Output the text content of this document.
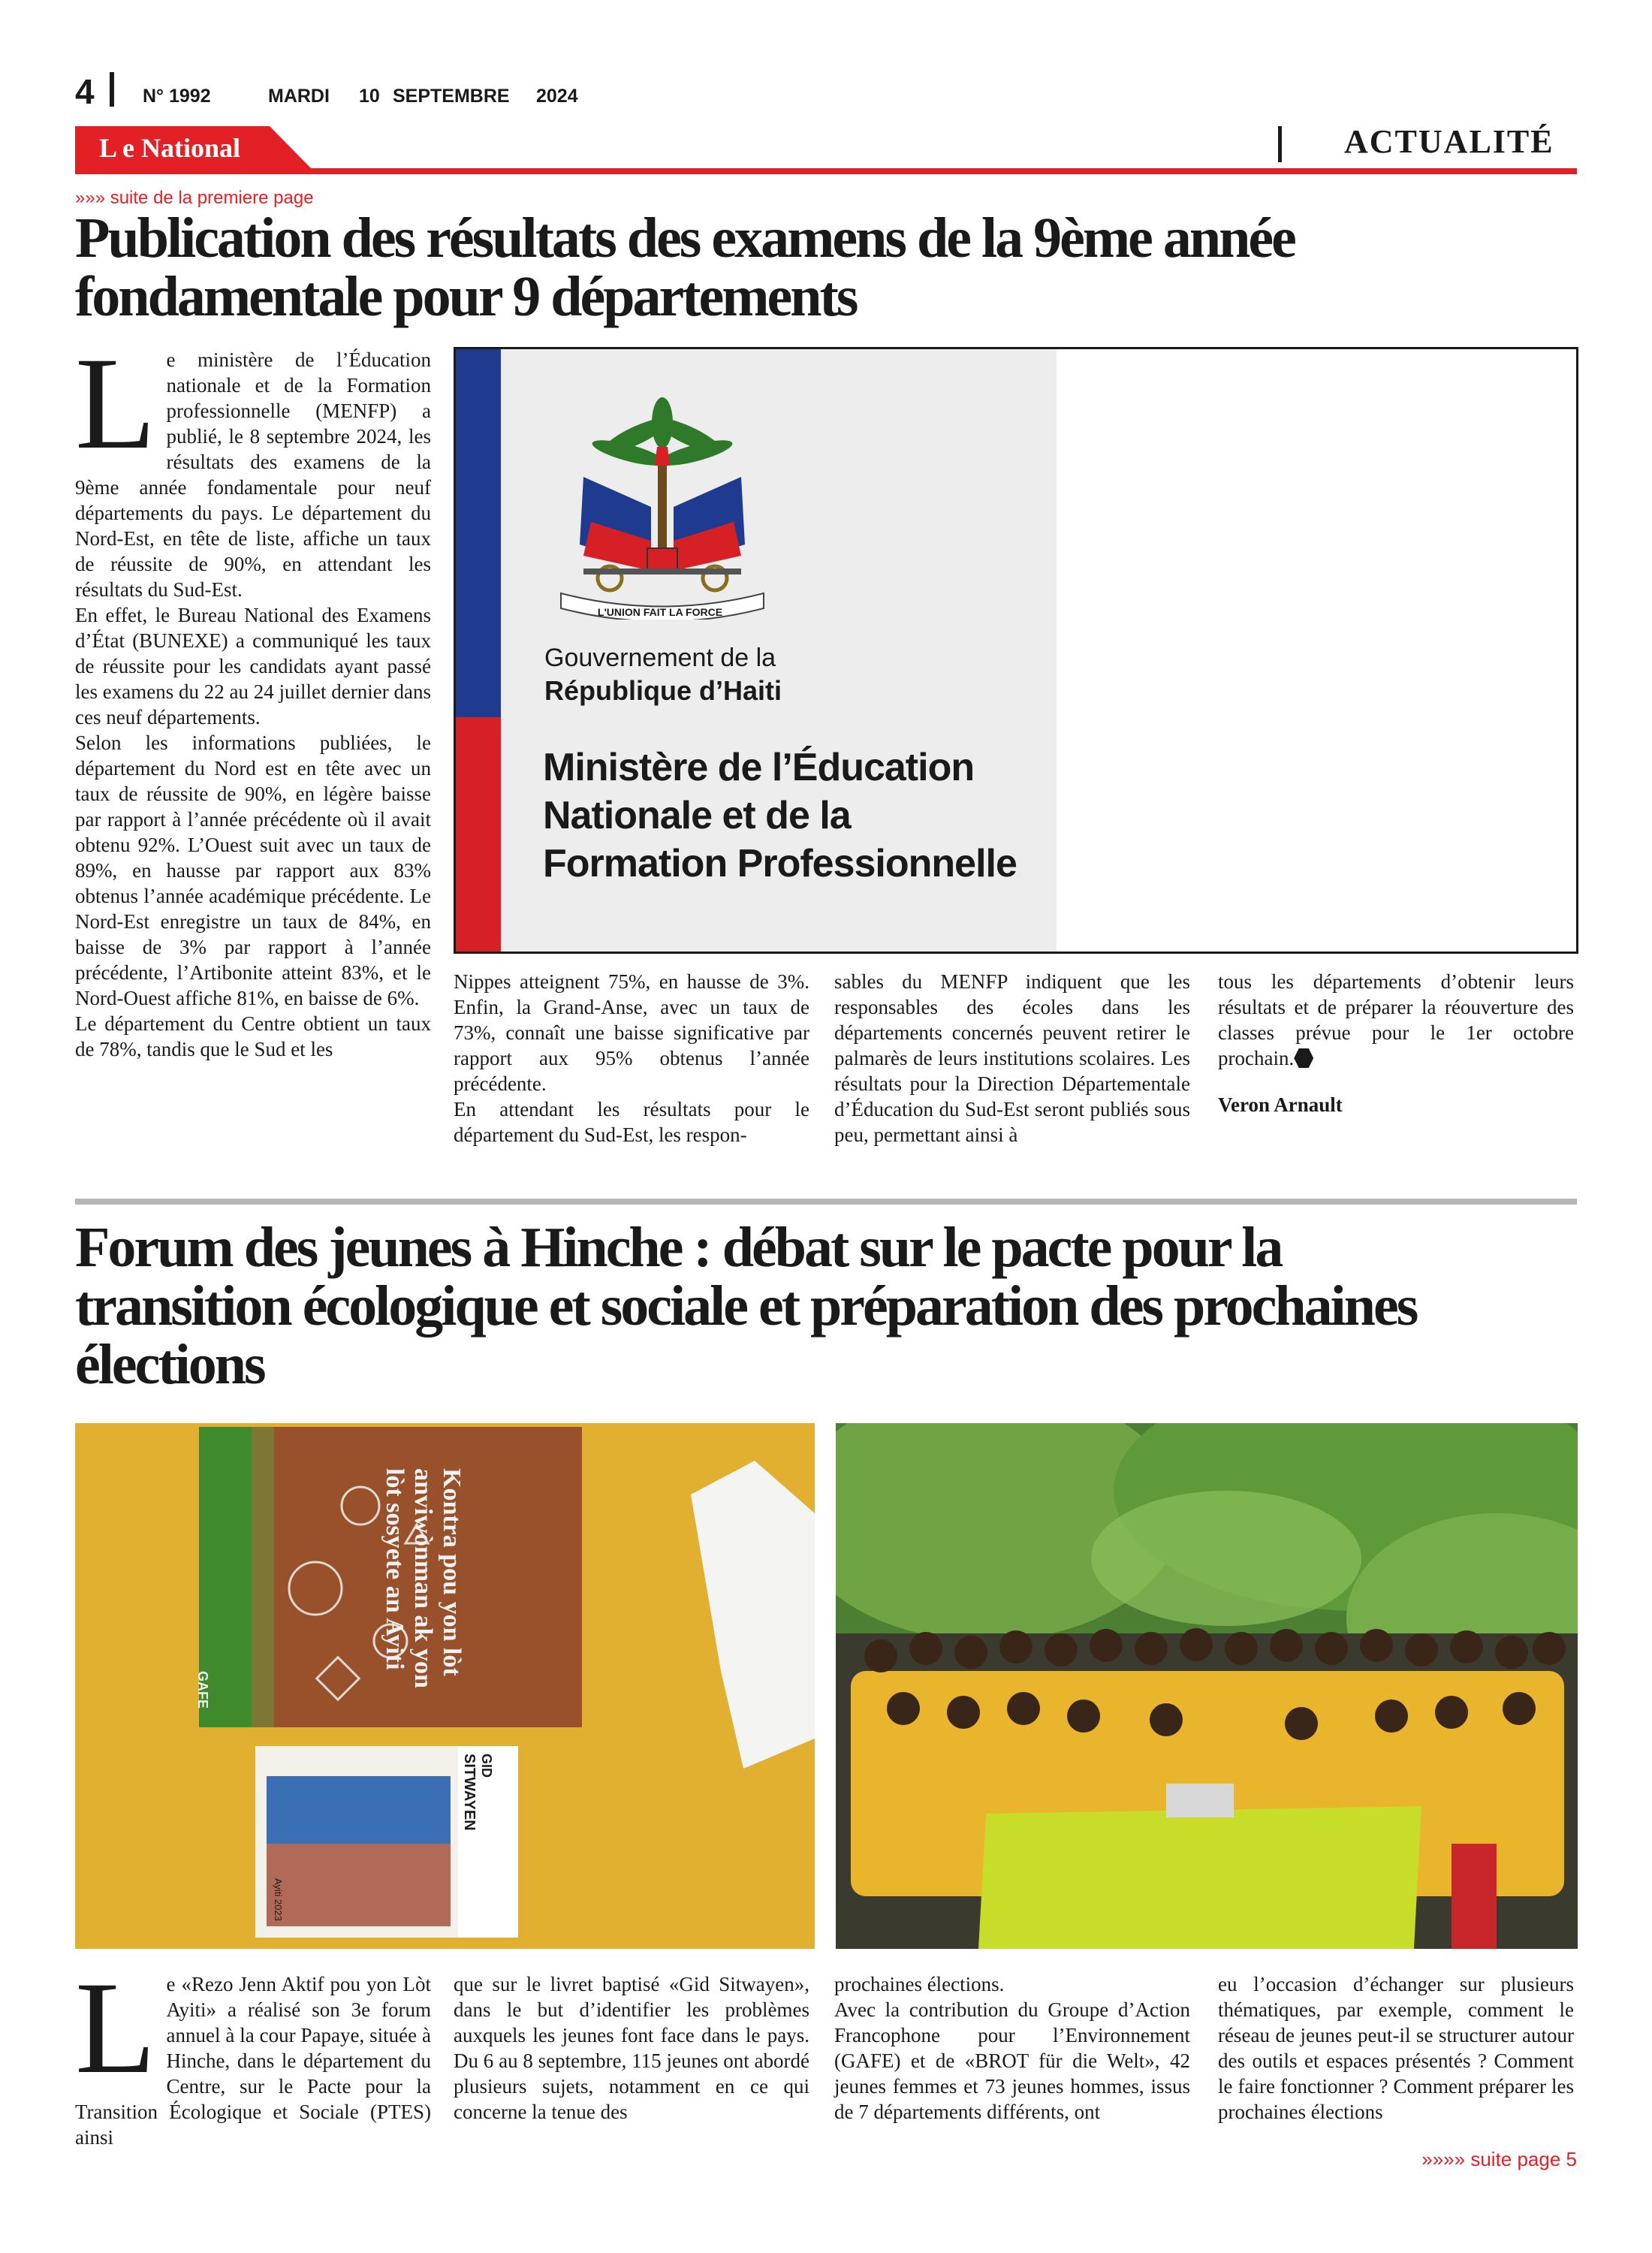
4	N° 1992	MARDI 10 SEPTEMBRE 2024
L e National	ACTUALITÉ
»»» suite de la premiere page
Publication des résultats des examens de la 9ème année
fondamentale pour 9 départements
L e ministère de l’Éducation nationale et de la Formation professionnelle (MENFP) a publié, le 8 septembre 2024, les résultats des examens de la 9ème année fondamentale pour neuf départements du pays. Le département du Nord-Est, en tête de liste, affiche un taux de réussite de 90%, en attendant les résultats du Sud-Est.

En effet, le Bureau National des Examens d’État (BUNEXE) a communiqué les taux de réussite pour les candidats ayant passé les examens du 22 au 24 juillet dernier dans ces neuf départements.

Selon les informations publiées, le département du Nord est en tête avec un taux de réussite de 90%, en légère baisse par rapport à l’année précédente où il avait obtenu 92%. L’Ouest suit avec un taux de 89%, en hausse par rapport aux 83% obtenus l’année académique précédente. Le Nord-Est enregistre un taux de 84%, en baisse de 3% par rapport à l’année précédente, l’Artibonite atteint 83%, et le Nord-Ouest affiche 81%, en baisse de 6%.

Le département du Centre obtient un taux de 78%, tandis que le Sud et les

L'UNION FAIT LA FORCE
Gouvernement de la
République d’Haiti
Ministère de l’Éducation
Nationale et de la
Formation Professionnelle

Nippes atteignent 75%, en hausse de 3%. Enfin, la Grand-Anse, avec un taux de 73%, connaît une baisse significative par rapport aux 95% obtenus l’année précédente.

En attendant les résultats pour le département du Sud-Est, les respon-

sables du MENFP indiquent que les responsables des écoles dans les départements concernés peuvent retirer le palmarès de leurs institutions scolaires. Les résultats pour la Direction Départementale d’Éducation du Sud-Est seront publiés sous peu, permettant ainsi à

tous les départements d’obtenir leurs résultats et de préparer la réouverture des classes prévue pour le 1er octobre prochain.

Veron Arnault

Forum des jeunes à Hinche : débat sur le pacte pour la
transition écologique et sociale et préparation des prochaines
élections
Kontra pou yon lòt anviwònman ak yon lòt sosyete an Ayiti
GAFE
GID
SITWAYEN
Ayiti 2023
L e «Rezo Jenn Aktif pou yon Lòt Ayiti» a réalisé son 3e forum annuel à la cour Papaye, située à Hinche, dans le département du Centre, sur le Pacte pour la Transition Écologique et Sociale (PTES) ainsi

que sur le livret baptisé «Gid Sitwayen», dans le but d’identifier les problèmes auxquels les jeunes font face dans le pays. Du 6 au 8 septembre, 115 jeunes ont abordé plusieurs sujets, notamment en ce qui concerne la tenue des

prochaines élections.

Avec la contribution du Groupe d’Action Francophone pour l’Environnement (GAFE) et de «BROT für die Welt», 42 jeunes femmes et 73 jeunes hommes, issus de 7 départements différents, ont

eu l’occasion d’échanger sur plusieurs thématiques, par exemple, comment le réseau de jeunes peut-il se structurer autour des outils et espaces présentés ? Comment le faire fonctionner ? Comment préparer les prochaines élections

»»»» suite page 5
